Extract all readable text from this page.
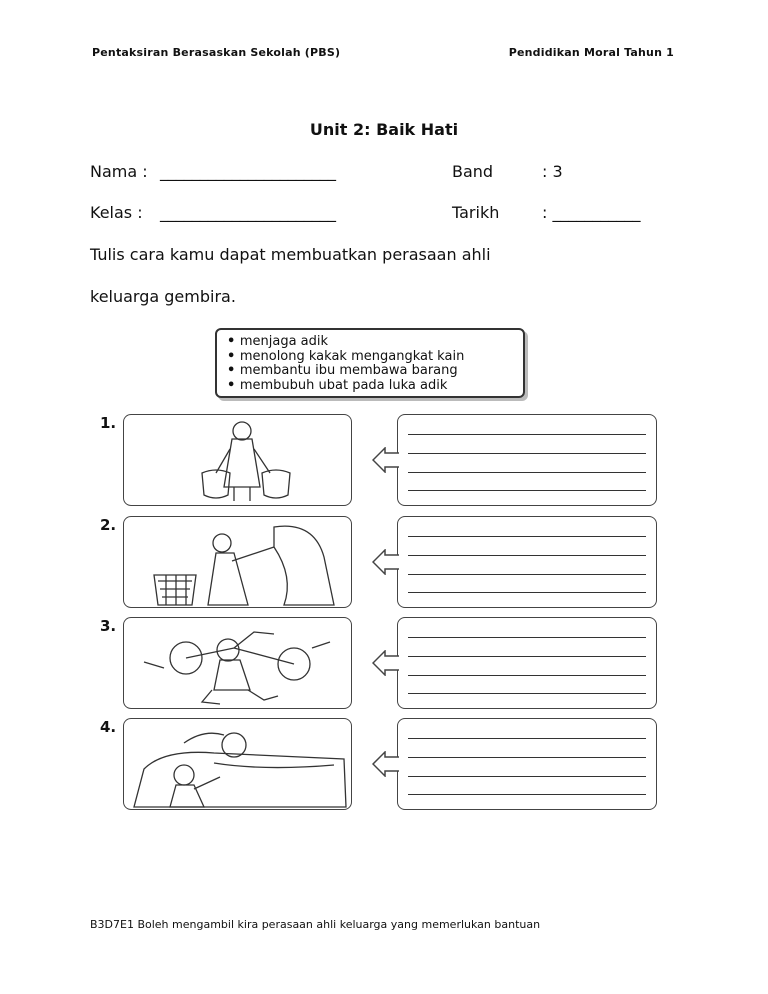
Pentaksiran Berasaskan Sekolah (PBS)	Pendidikan Moral Tahun 1
Unit 2: Baik Hati
Nama : ______________________	Band	: 3
Kelas : ______________________	Tarikh	: ___________
Tulis cara kamu dapat membuatkan perasaan ahli
keluarga gembira.
• menjaga adik
• menolong kakak mengangkat kain
• membantu ibu membawa barang
• membubuh ubat pada luka adik
1.
2.
3.
4.
B3D7E1 Boleh mengambil kira perasaan ahli keluarga yang memerlukan bantuan
